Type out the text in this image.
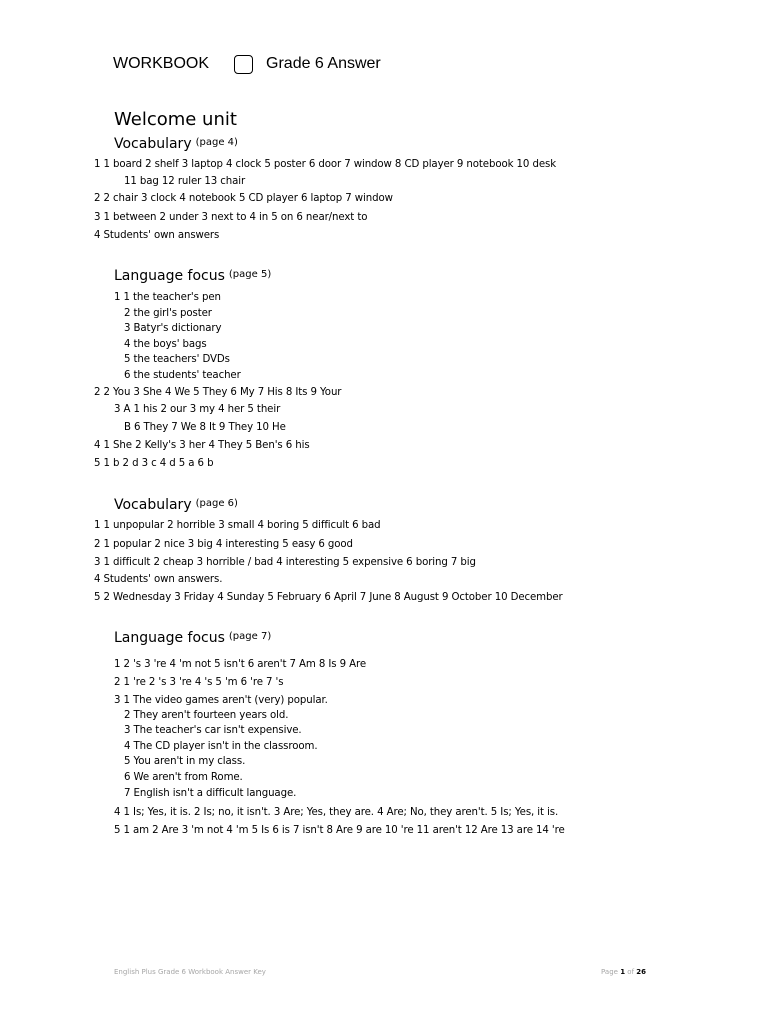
WORKBOOK	Grade 6 Answer
Welcome unit
Vocabulary $^{(page 4)}$
1 1 board 2 shelf 3 laptop 4 clock 5 poster 6 door 7 window 8 CD player 9 notebook 10 desk
11 bag 12 ruler 13 chair
2 2 chair 3 clock 4 notebook 5 CD player 6 laptop 7 window
3 1 between 2 under 3 next to 4 in 5 on 6 near/next to
4 Students' own answers
Language focus $^{(page 5)}$
1 1 the teacher's pen
2 the girl's poster
3 Batyr's dictionary
4 the boys' bags
5 the teachers' DVDs
6 the students' teacher
2 2 You 3 She 4 We 5 They 6 My 7 His 8 Its 9 Your
3 A 1 his 2 our 3 my 4 her 5 their
B 6 They 7 We 8 It 9 They 10 He
4 1 She 2 Kelly's 3 her 4 They 5 Ben's 6 his
5 1 b 2 d 3 c 4 d 5 a 6 b
Vocabulary $^{(page 6)}$
1 1 unpopular 2 horrible 3 small 4 boring 5 difficult 6 bad
2 1 popular 2 nice 3 big 4 interesting 5 easy 6 good
3 1 difficult 2 cheap 3 horrible / bad 4 interesting 5 expensive 6 boring 7 big
4 Students' own answers.
5 2 Wednesday 3 Friday 4 Sunday 5 February 6 April 7 June 8 August 9 October 10 December
Language focus $^{(page 7)}$
1 2 's 3 're 4 'm not 5 isn't 6 aren't 7 Am 8 Is 9 Are
2 1 're 2 's 3 're 4 's 5 'm 6 're 7 's
3 1 The video games aren't (very) popular.
2 They aren't fourteen years old.
3 The teacher's car isn't expensive.
4 The CD player isn't in the classroom.
5 You aren't in my class.
6 We aren't from Rome.
7 English isn't a difficult language.
4 1 Is; Yes, it is. 2 Is; no, it isn't. 3 Are; Yes, they are. 4 Are; No, they aren't. 5 Is; Yes, it is.
5 1 am 2 Are 3 'm not 4 'm 5 Is 6 is 7 isn't 8 Are 9 are 10 're 11 aren't 12 Are 13 are 14 're
English Plus Grade 6 Workbook Answer Key	Page 1 of 26
